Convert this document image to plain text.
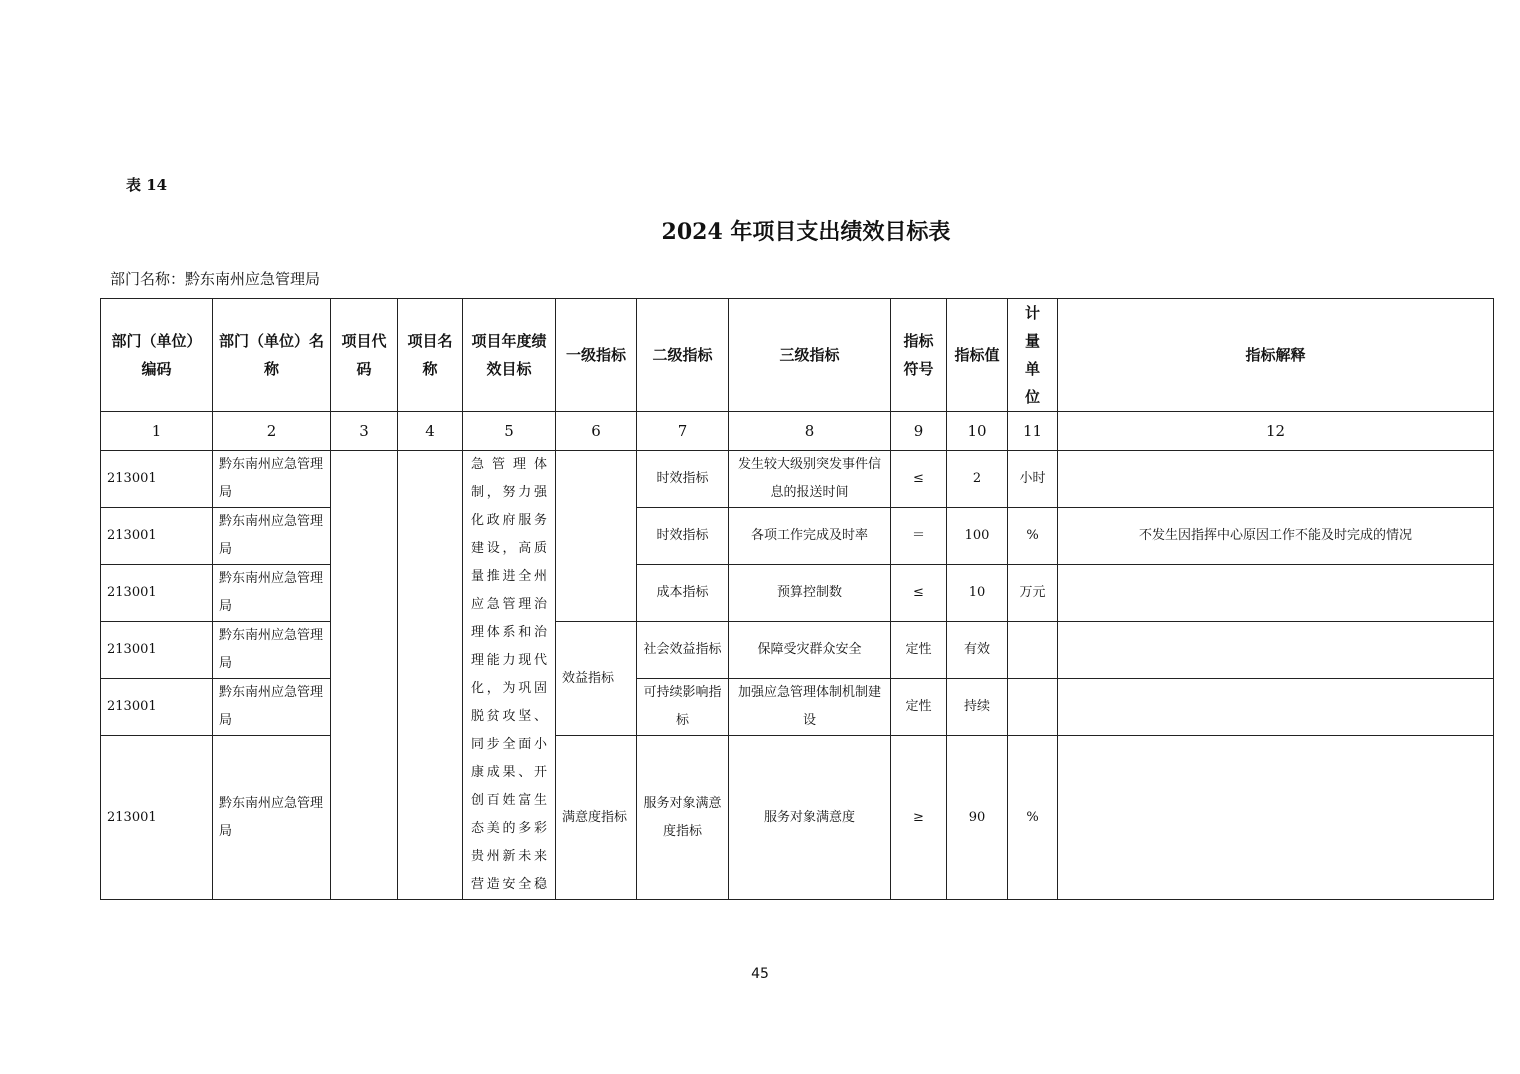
表 14
2024 年项目支出绩效目标表
部门名称：黔东南州应急管理局
部门（单位）编码	部门（单位）名称	项目代码	项目名称	项目年度绩效目标	一级指标	二级指标	三级指标	指标符号	指标值	计量单位	指标解释
1	2	3	4	5	6	7	8	9	10	11	12
213001	黔东南州应急管理局			急管理体制，努力强化政府服务建设，高质量推进全州应急管理治理体系和治理能力现代化，为巩固脱贫攻坚、同步全面小康成果、开创百姓富生态美的多彩贵州新未来营造安全稳		时效指标	发生较大级别突发事件信息的报送时间	≤	2	小时	
213001	黔东南州应急管理局					时效指标	各项工作完成及时率	＝	100	%	不发生因指挥中心原因工作不能及时完成的情况
213001	黔东南州应急管理局					成本指标	预算控制数	≤	10	万元	
213001	黔东南州应急管理局				效益指标	社会效益指标	保障受灾群众安全	定性	有效		
213001	黔东南州应急管理局					可持续影响指标	加强应急管理体制机制建设	定性	持续		
213001	黔东南州应急管理局				满意度指标	服务对象满意度指标	服务对象满意度	≥	90	%	
45
